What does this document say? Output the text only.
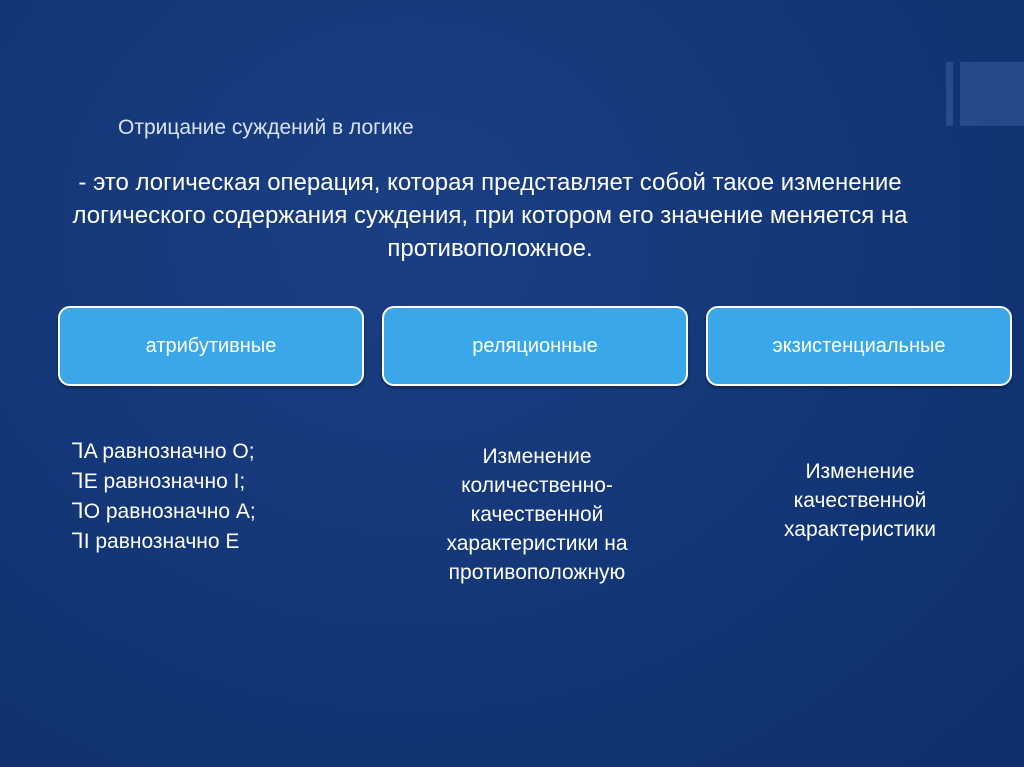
Отрицание суждений в логике

- это логическая операция, которая представляет собой такое изменение логического содержания суждения, при котором его значение меняется на противоположное.

атрибутивные	реляционные	экзистенциальные
ꓶA равнозначно О;
ꓶE равнозначно I;
ꓶO равнозначно А;
ꓶI равнозначно Е

Изменение
количественно-
качественной
характеристики на
противоположную

Изменение
качественной
характеристики
